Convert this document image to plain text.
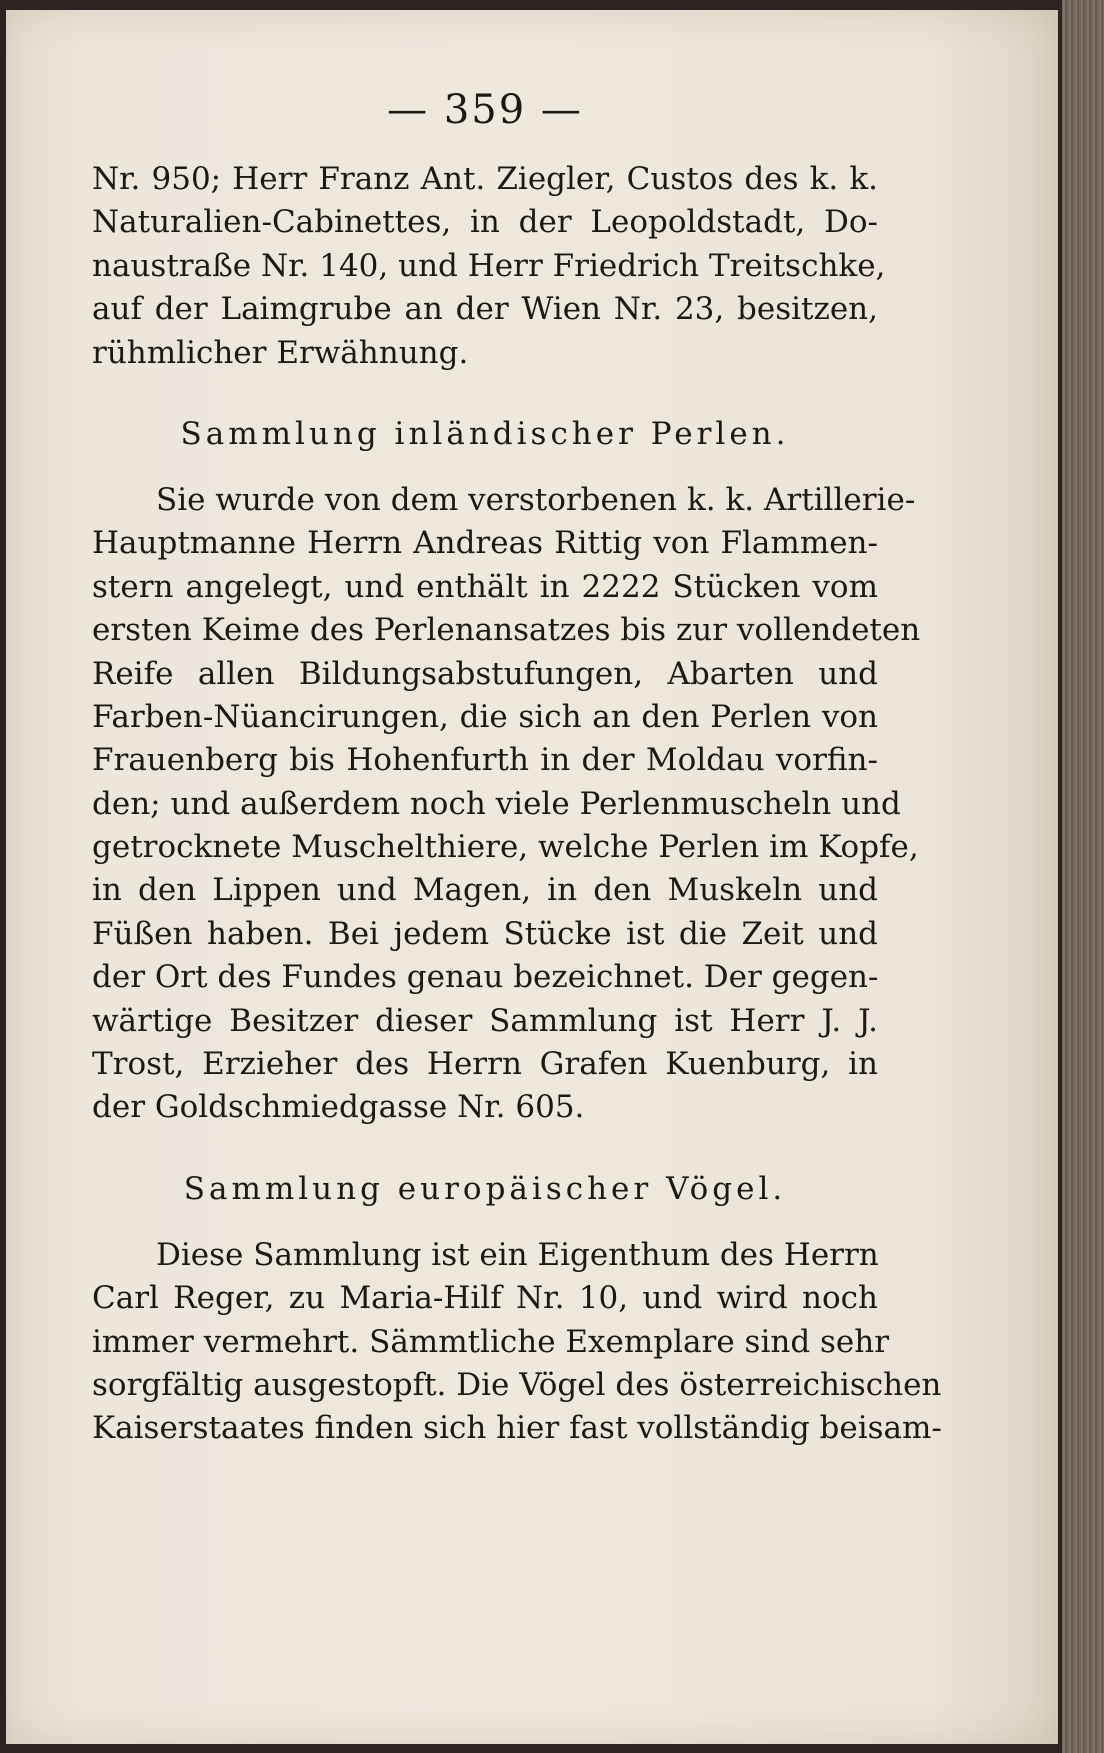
— 359 —
Nr. 950; Herr Franz Ant. Ziegler, Custos des k. k.
Naturalien-Cabinettes, in der Leopoldstadt, Do-
naustraße Nr. 140, und Herr Friedrich Treitschke,
auf der Laimgrube an der Wien Nr. 23, besitzen,
rühmlicher Erwähnung.
Sammlung inländischer Perlen.
Sie wurde von dem verstorbenen k. k. Artillerie-
Hauptmanne Herrn Andreas Rittig von Flammen-
stern angelegt, und enthält in 2222 Stücken vom
ersten Keime des Perlenansatzes bis zur vollendeten
Reife allen Bildungsabstufungen, Abarten und
Farben-Nüancirungen, die sich an den Perlen von
Frauenberg bis Hohenfurth in der Moldau vorfin-
den; und außerdem noch viele Perlenmuscheln und
getrocknete Muschelthiere, welche Perlen im Kopfe,
in den Lippen und Magen, in den Muskeln und
Füßen haben. Bei jedem Stücke ist die Zeit und
der Ort des Fundes genau bezeichnet. Der gegen-
wärtige Besitzer dieser Sammlung ist Herr J. J.
Trost, Erzieher des Herrn Grafen Kuenburg, in
der Goldschmiedgasse Nr. 605.
Sammlung europäischer Vögel.
Diese Sammlung ist ein Eigenthum des Herrn
Carl Reger, zu Maria-Hilf Nr. 10, und wird noch
immer vermehrt. Sämmtliche Exemplare sind sehr
sorgfältig ausgestopft. Die Vögel des österreichischen
Kaiserstaates finden sich hier fast vollständig beisam-
